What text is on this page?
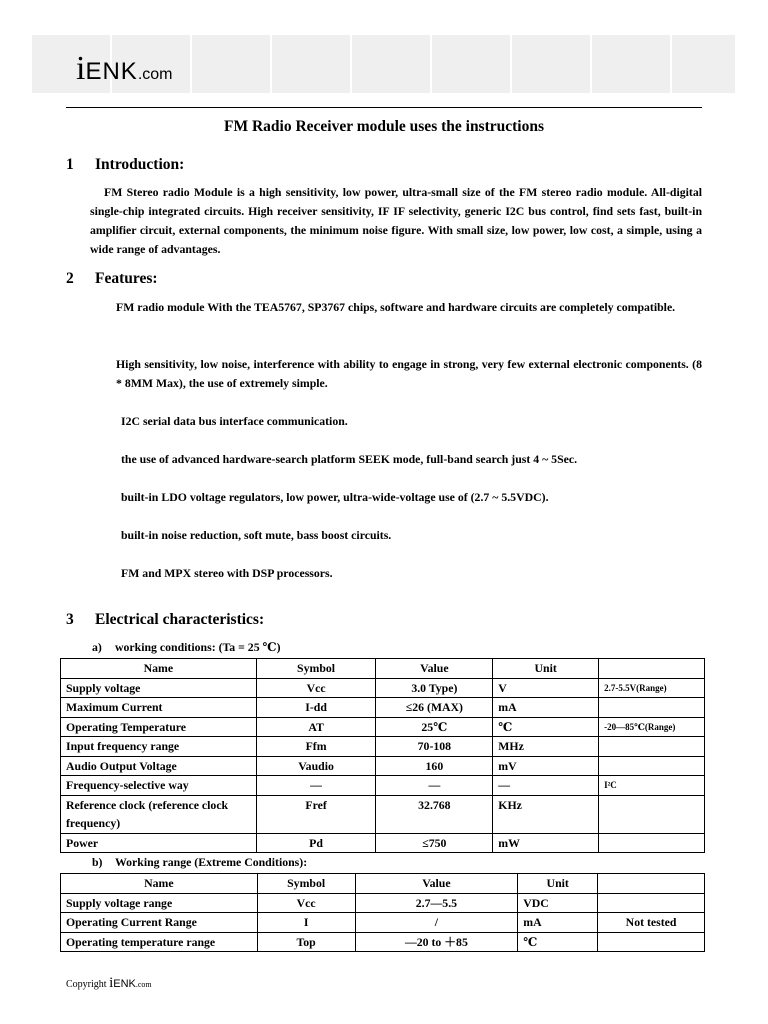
iENK.com
FM Radio Receiver module uses the instructions
1 Introduction:
FM Stereo radio Module is a high sensitivity, low power, ultra-small size of the FM stereo radio module. All-digital single-chip integrated circuits. High receiver sensitivity, IF IF selectivity, generic I2C bus control, find sets fast, built-in amplifier circuit, external components, the minimum noise figure. With small size, low power, low cost, a simple, using a wide range of advantages.
2 Features:
FM radio module With the TEA5767, SP3767 chips, software and hardware circuits are completely compatible.
High sensitivity, low noise, interference with ability to engage in strong, very few external electronic components. (8 * 8MM Max), the use of extremely simple.
I2C serial data bus interface communication.
the use of advanced hardware-search platform SEEK mode, full-band search just 4 ~ 5Sec.
built-in LDO voltage regulators, low power, ultra-wide-voltage use of (2.7 ~ 5.5VDC).
built-in noise reduction, soft mute, bass boost circuits.
FM and MPX stereo with DSP processors.
3 Electrical characteristics:
a) working conditions: (Ta = 25 ℃)
Name	Symbol	Value	Unit	
Supply voltage	Vcc	3.0 Type)	V	2.7-5.5V(Range)
Maximum Current	I-dd	≤26 (MAX)	mA	
Operating Temperature	AT	25℃	℃	-20—85℃(Range)
Input frequency range	Ffm	70-108	MHz	
Audio Output Voltage	Vaudio	160	mV	
Frequency-selective way	—	—	—	I²C
Reference clock (reference clock frequency)	Fref	32.768	KHz	
Power	Pd	≤750	mW	
b) Working range (Extreme Conditions):
Name	Symbol	Value	Unit	
Supply voltage range	Vcc	2.7—5.5	VDC	
Operating Current Range	I	/	mA	Not tested
Operating temperature range	Top	—20 to ＋85	℃	
Copyright iENK.com
